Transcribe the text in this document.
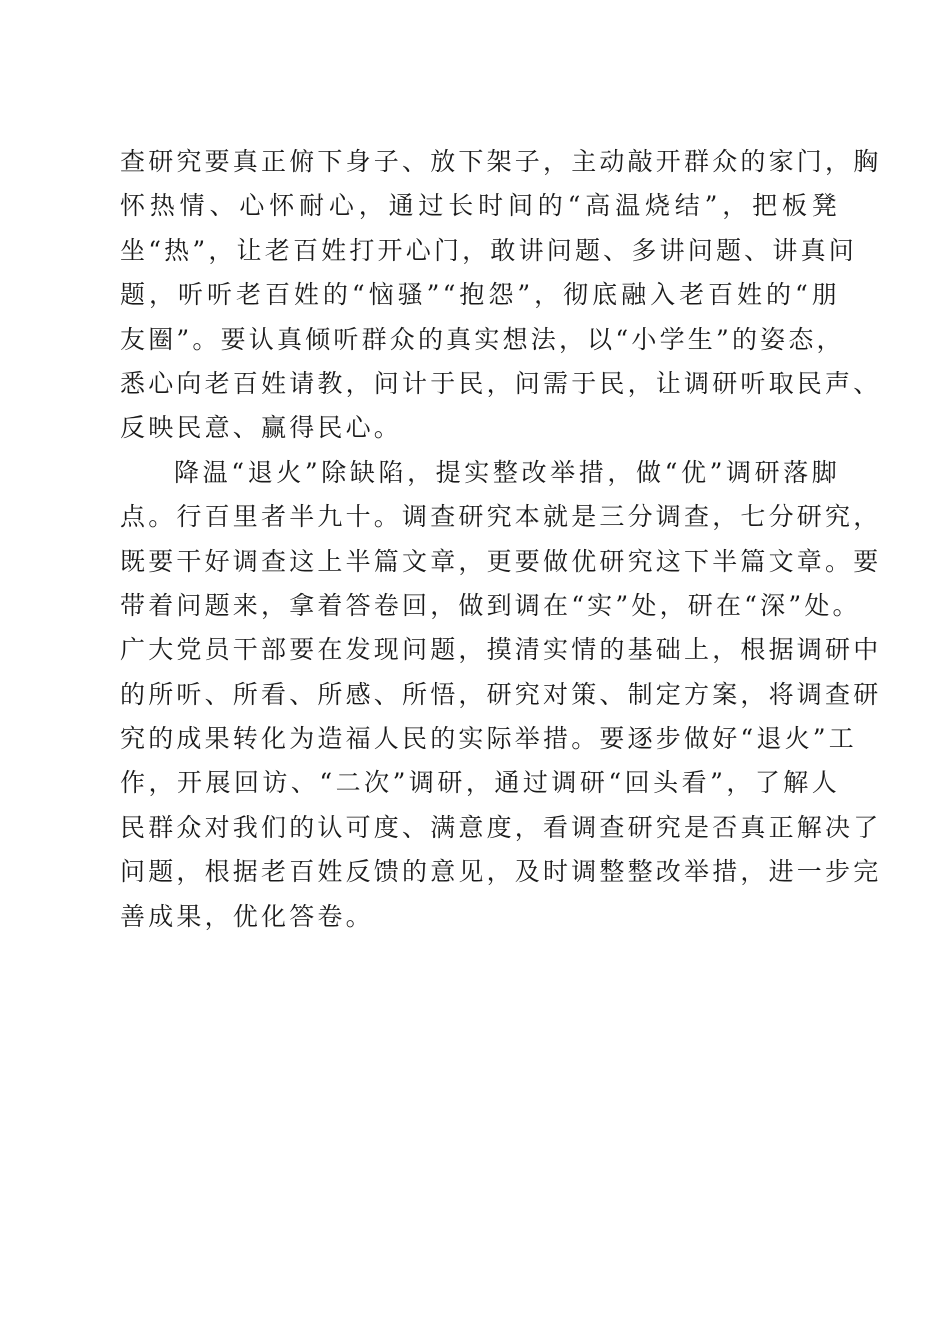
查研究要真正俯下身子、放下架子，主动敲开群众的家门，胸
怀热情、心怀耐心，通过长时间的“高温烧结”，把板凳
坐“热”，让老百姓打开心门，敢讲问题、多讲问题、讲真问
题，听听老百姓的“恼骚”“抱怨”，彻底融入老百姓的“朋
友圈”。要认真倾听群众的真实想法，以“小学生”的姿态，
悉心向老百姓请教，问计于民，问需于民，让调研听取民声、
反映民意、赢得民心。
降温“退火”除缺陷，提实整改举措，做“优”调研落脚
点。行百里者半九十。调查研究本就是三分调查，七分研究，
既要干好调查这上半篇文章，更要做优研究这下半篇文章。要
带着问题来，拿着答卷回，做到调在“实”处，研在“深”处。
广大党员干部要在发现问题，摸清实情的基础上，根据调研中
的所听、所看、所感、所悟，研究对策、制定方案，将调查研
究的成果转化为造福人民的实际举措。要逐步做好“退火”工
作，开展回访、“二次”调研，通过调研“回头看”，了解人
民群众对我们的认可度、满意度，看调查研究是否真正解决了
问题，根据老百姓反馈的意见，及时调整整改举措，进一步完
善成果，优化答卷。
